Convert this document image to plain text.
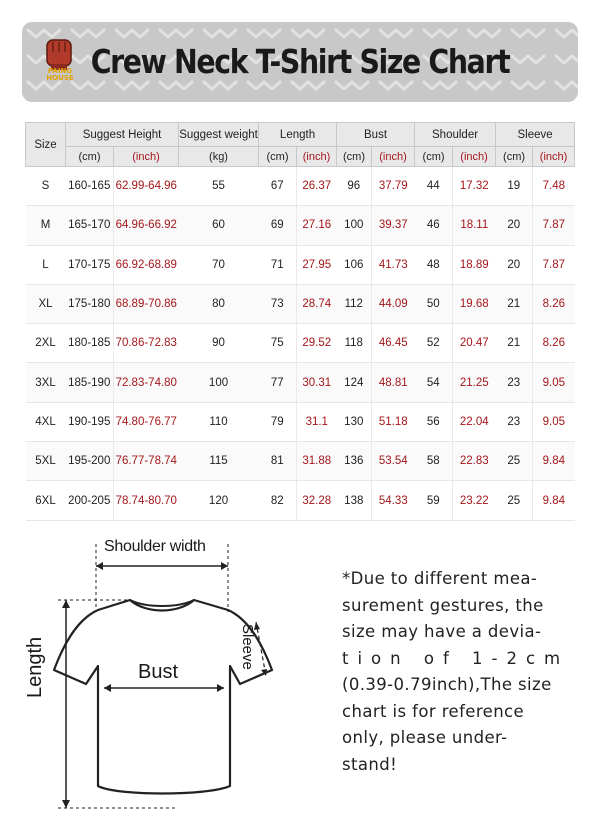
PAING
HOUSE Crew Neck T-Shirt Size Chart
Size	Suggest Height		Suggest weight	Length		Bust		Shoulder		Sleeve	
	(cm)	(inch)	(kg)	(cm)	(inch)	(cm)	(inch)	(cm)	(inch)	(cm)	(inch)
S	160-165	62.99-64.96	55	67	26.37	96	37.79	44	17.32	19	7.48
M	165-170	64.96-66.92	60	69	27.16	100	39.37	46	18.11	20	7.87
L	170-175	66.92-68.89	70	71	27.95	106	41.73	48	18.89	20	7.87
XL	175-180	68.89-70.86	80	73	28.74	112	44.09	50	19.68	21	8.26
2XL	180-185	70.86-72.83	90	75	29.52	118	46.45	52	20.47	21	8.26
3XL	185-190	72.83-74.80	100	77	30.31	124	48.81	54	21.25	23	9.05
4XL	190-195	74.80-76.77	110	79	31.1	130	51.18	56	22.04	23	9.05
5XL	195-200	76.77-78.74	115	81	31.88	136	53.54	58	22.83	25	9.84
6XL	200-205	78.74-80.70	120	82	32.28	138	54.33	59	23.22	25	9.84
Shoulder width
Bust
Sleeve
Length
*Due to different mea-
surement gestures, the
size may have a devia-
tion of 1-2cm
(0.39-0.79inch),The size
chart is for reference
only, please under-
stand!
